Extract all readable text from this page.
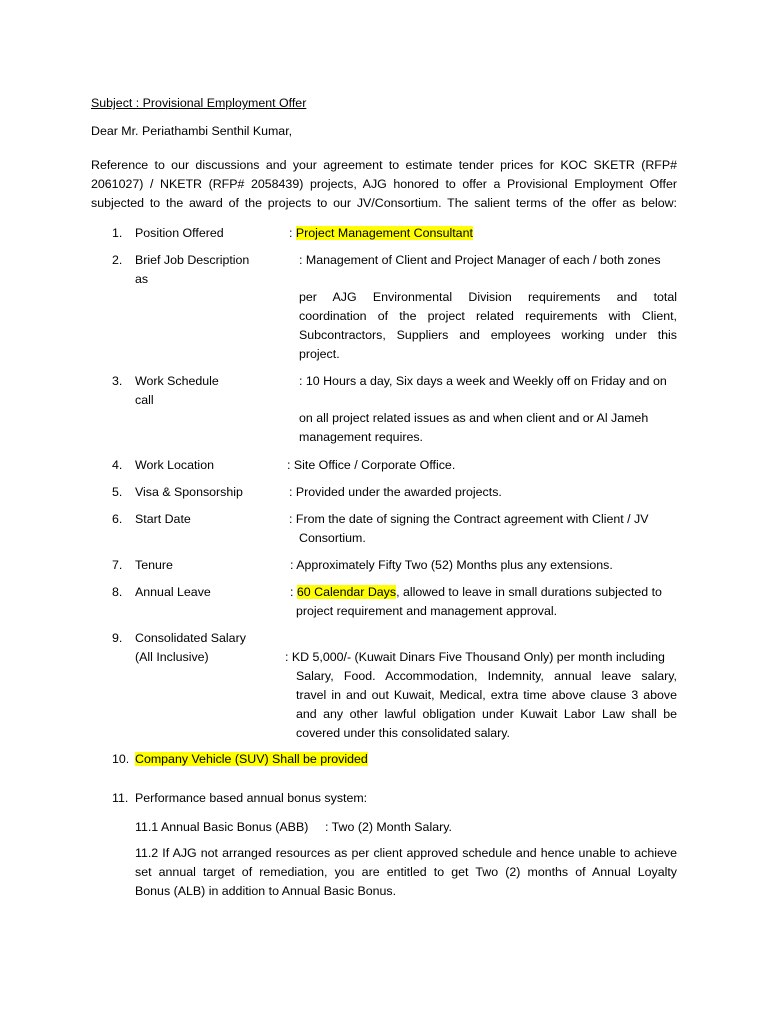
Subject : Provisional Employment Offer
Dear Mr. Periathambi Senthil Kumar,
Reference to our discussions and your agreement to estimate tender prices for KOC SKETR (RFP#
2061027) / NKETR (RFP# 2058439) projects, AJG honored to offer a Provisional Employment Offer
subjected to the award of the projects to our JV/Consortium. The salient terms of the offer as below:
1. Position Offered	: Project Management Consultant
2. Brief Job Description
as
: Management of Client and Project Manager of each / both zones
per AJG Environmental Division requirements and total
coordination of the project related requirements with Client,
Subcontractors, Suppliers and employees working under this
project.
3. Work Schedule
call
: 10 Hours a day, Six days a week and Weekly off on Friday and on
on all project related issues as and when client and or Al Jameh
management requires.
4. Work Location	: Site Office / Corporate Office.
5. Visa & Sponsorship	: Provided under the awarded projects.
6. Start Date	: From the date of signing the Contract agreement with Client / JV
Consortium.
7. Tenure	: Approximately Fifty Two (52) Months plus any extensions.
8. Annual Leave	: 60 Calendar Days, allowed to leave in small durations subjected to
project requirement and management approval.
9. Consolidated Salary
(All Inclusive)	: KD 5,000/- (Kuwait Dinars Five Thousand Only) per month including
Salary, Food. Accommodation, Indemnity, annual leave salary,
travel in and out Kuwait, Medical, extra time above clause 3 above
and any other lawful obligation under Kuwait Labor Law shall be
covered under this consolidated salary.
10. Company Vehicle (SUV) Shall be provided
11. Performance based annual bonus system:
11.1 Annual Basic Bonus (ABB) : Two (2) Month Salary.
11.2 If AJG not arranged resources as per client approved schedule and hence unable to achieve
set annual target of remediation, you are entitled to get Two (2) months of Annual Loyalty
Bonus (ALB) in addition to Annual Basic Bonus.
